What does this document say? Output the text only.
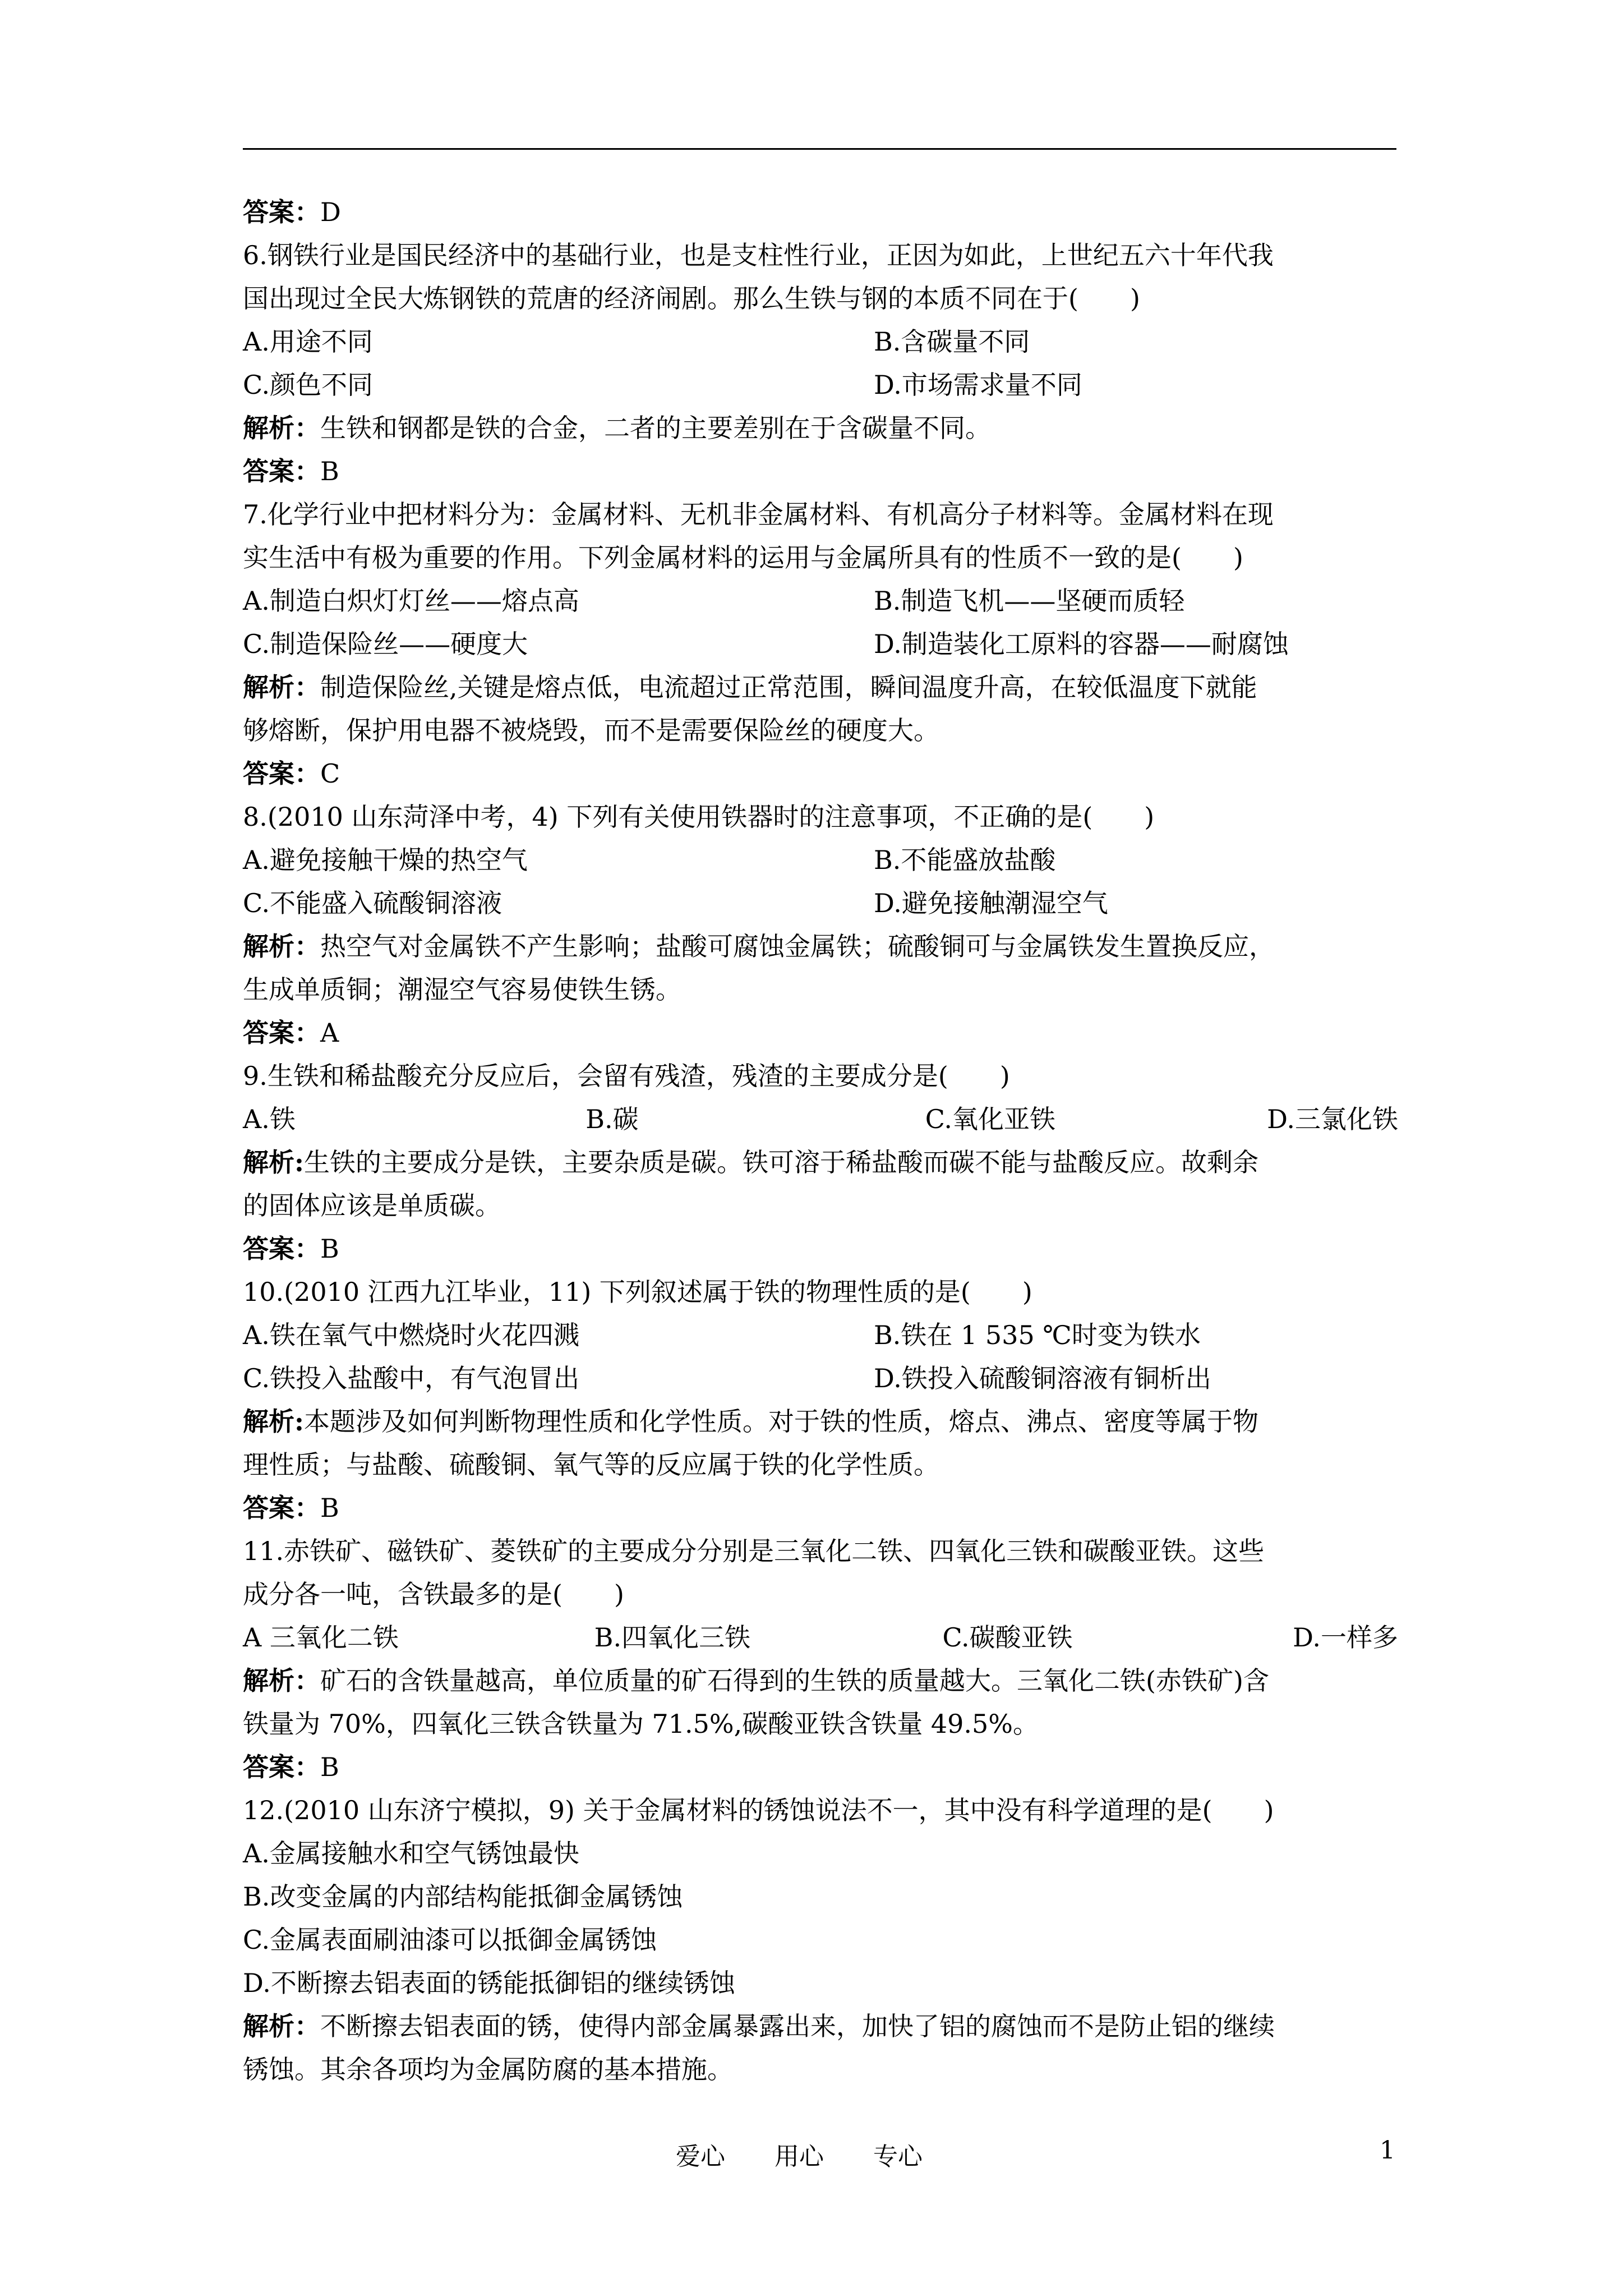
答案：D
6.钢铁行业是国民经济中的基础行业，也是支柱性行业，正因为如此，上世纪五六十年代我
国出现过全民大炼钢铁的荒唐的经济闹剧。那么生铁与钢的本质不同在于(　　)
A.用途不同	B.含碳量不同
C.颜色不同	D.市场需求量不同
解析：生铁和钢都是铁的合金，二者的主要差别在于含碳量不同。
答案：B
7.化学行业中把材料分为：金属材料、无机非金属材料、有机高分子材料等。金属材料在现
实生活中有极为重要的作用。下列金属材料的运用与金属所具有的性质不一致的是(　　)
A.制造白炽灯灯丝——熔点高	B.制造飞机——坚硬而质轻
C.制造保险丝——硬度大	D.制造装化工原料的容器——耐腐蚀
解析：制造保险丝,关键是熔点低，电流超过正常范围，瞬间温度升高，在较低温度下就能
够熔断，保护用电器不被烧毁，而不是需要保险丝的硬度大。
答案：C
8.(2010 山东菏泽中考，4) 下列有关使用铁器时的注意事项，不正确的是(　　)
A.避免接触干燥的热空气	B.不能盛放盐酸
C.不能盛入硫酸铜溶液	D.避免接触潮湿空气
解析：热空气对金属铁不产生影响；盐酸可腐蚀金属铁；硫酸铜可与金属铁发生置换反应，
生成单质铜；潮湿空气容易使铁生锈。
答案：A
9.生铁和稀盐酸充分反应后，会留有残渣，残渣的主要成分是(　　)
A.铁	B.碳	C.氧化亚铁	D.三氯化铁
解析:生铁的主要成分是铁，主要杂质是碳。铁可溶于稀盐酸而碳不能与盐酸反应。故剩余
的固体应该是单质碳。
答案：B
10.(2010 江西九江毕业，11) 下列叙述属于铁的物理性质的是(　　)
A.铁在氧气中燃烧时火花四溅	B.铁在 1 535 ℃时变为铁水
C.铁投入盐酸中，有气泡冒出	D.铁投入硫酸铜溶液有铜析出
解析:本题涉及如何判断物理性质和化学性质。对于铁的性质，熔点、沸点、密度等属于物
理性质；与盐酸、硫酸铜、氧气等的反应属于铁的化学性质。
答案：B
11.赤铁矿、磁铁矿、菱铁矿的主要成分分别是三氧化二铁、四氧化三铁和碳酸亚铁。这些
成分各一吨，含铁最多的是(　　)
A 三氧化二铁	B.四氧化三铁	C.碳酸亚铁	D.一样多
解析：矿石的含铁量越高，单位质量的矿石得到的生铁的质量越大。三氧化二铁(赤铁矿)含
铁量为 70%，四氧化三铁含铁量为 71.5%,碳酸亚铁含铁量 49.5%。
答案：B
12.(2010 山东济宁模拟，9) 关于金属材料的锈蚀说法不一，其中没有科学道理的是(　　)
A.金属接触水和空气锈蚀最快
B.改变金属的内部结构能抵御金属锈蚀
C.金属表面刷油漆可以抵御金属锈蚀
D.不断擦去铝表面的锈能抵御铝的继续锈蚀
解析：不断擦去铝表面的锈，使得内部金属暴露出来，加快了铝的腐蚀而不是防止铝的继续
锈蚀。其余各项均为金属防腐的基本措施。
爱心　　用心　　专心	1
